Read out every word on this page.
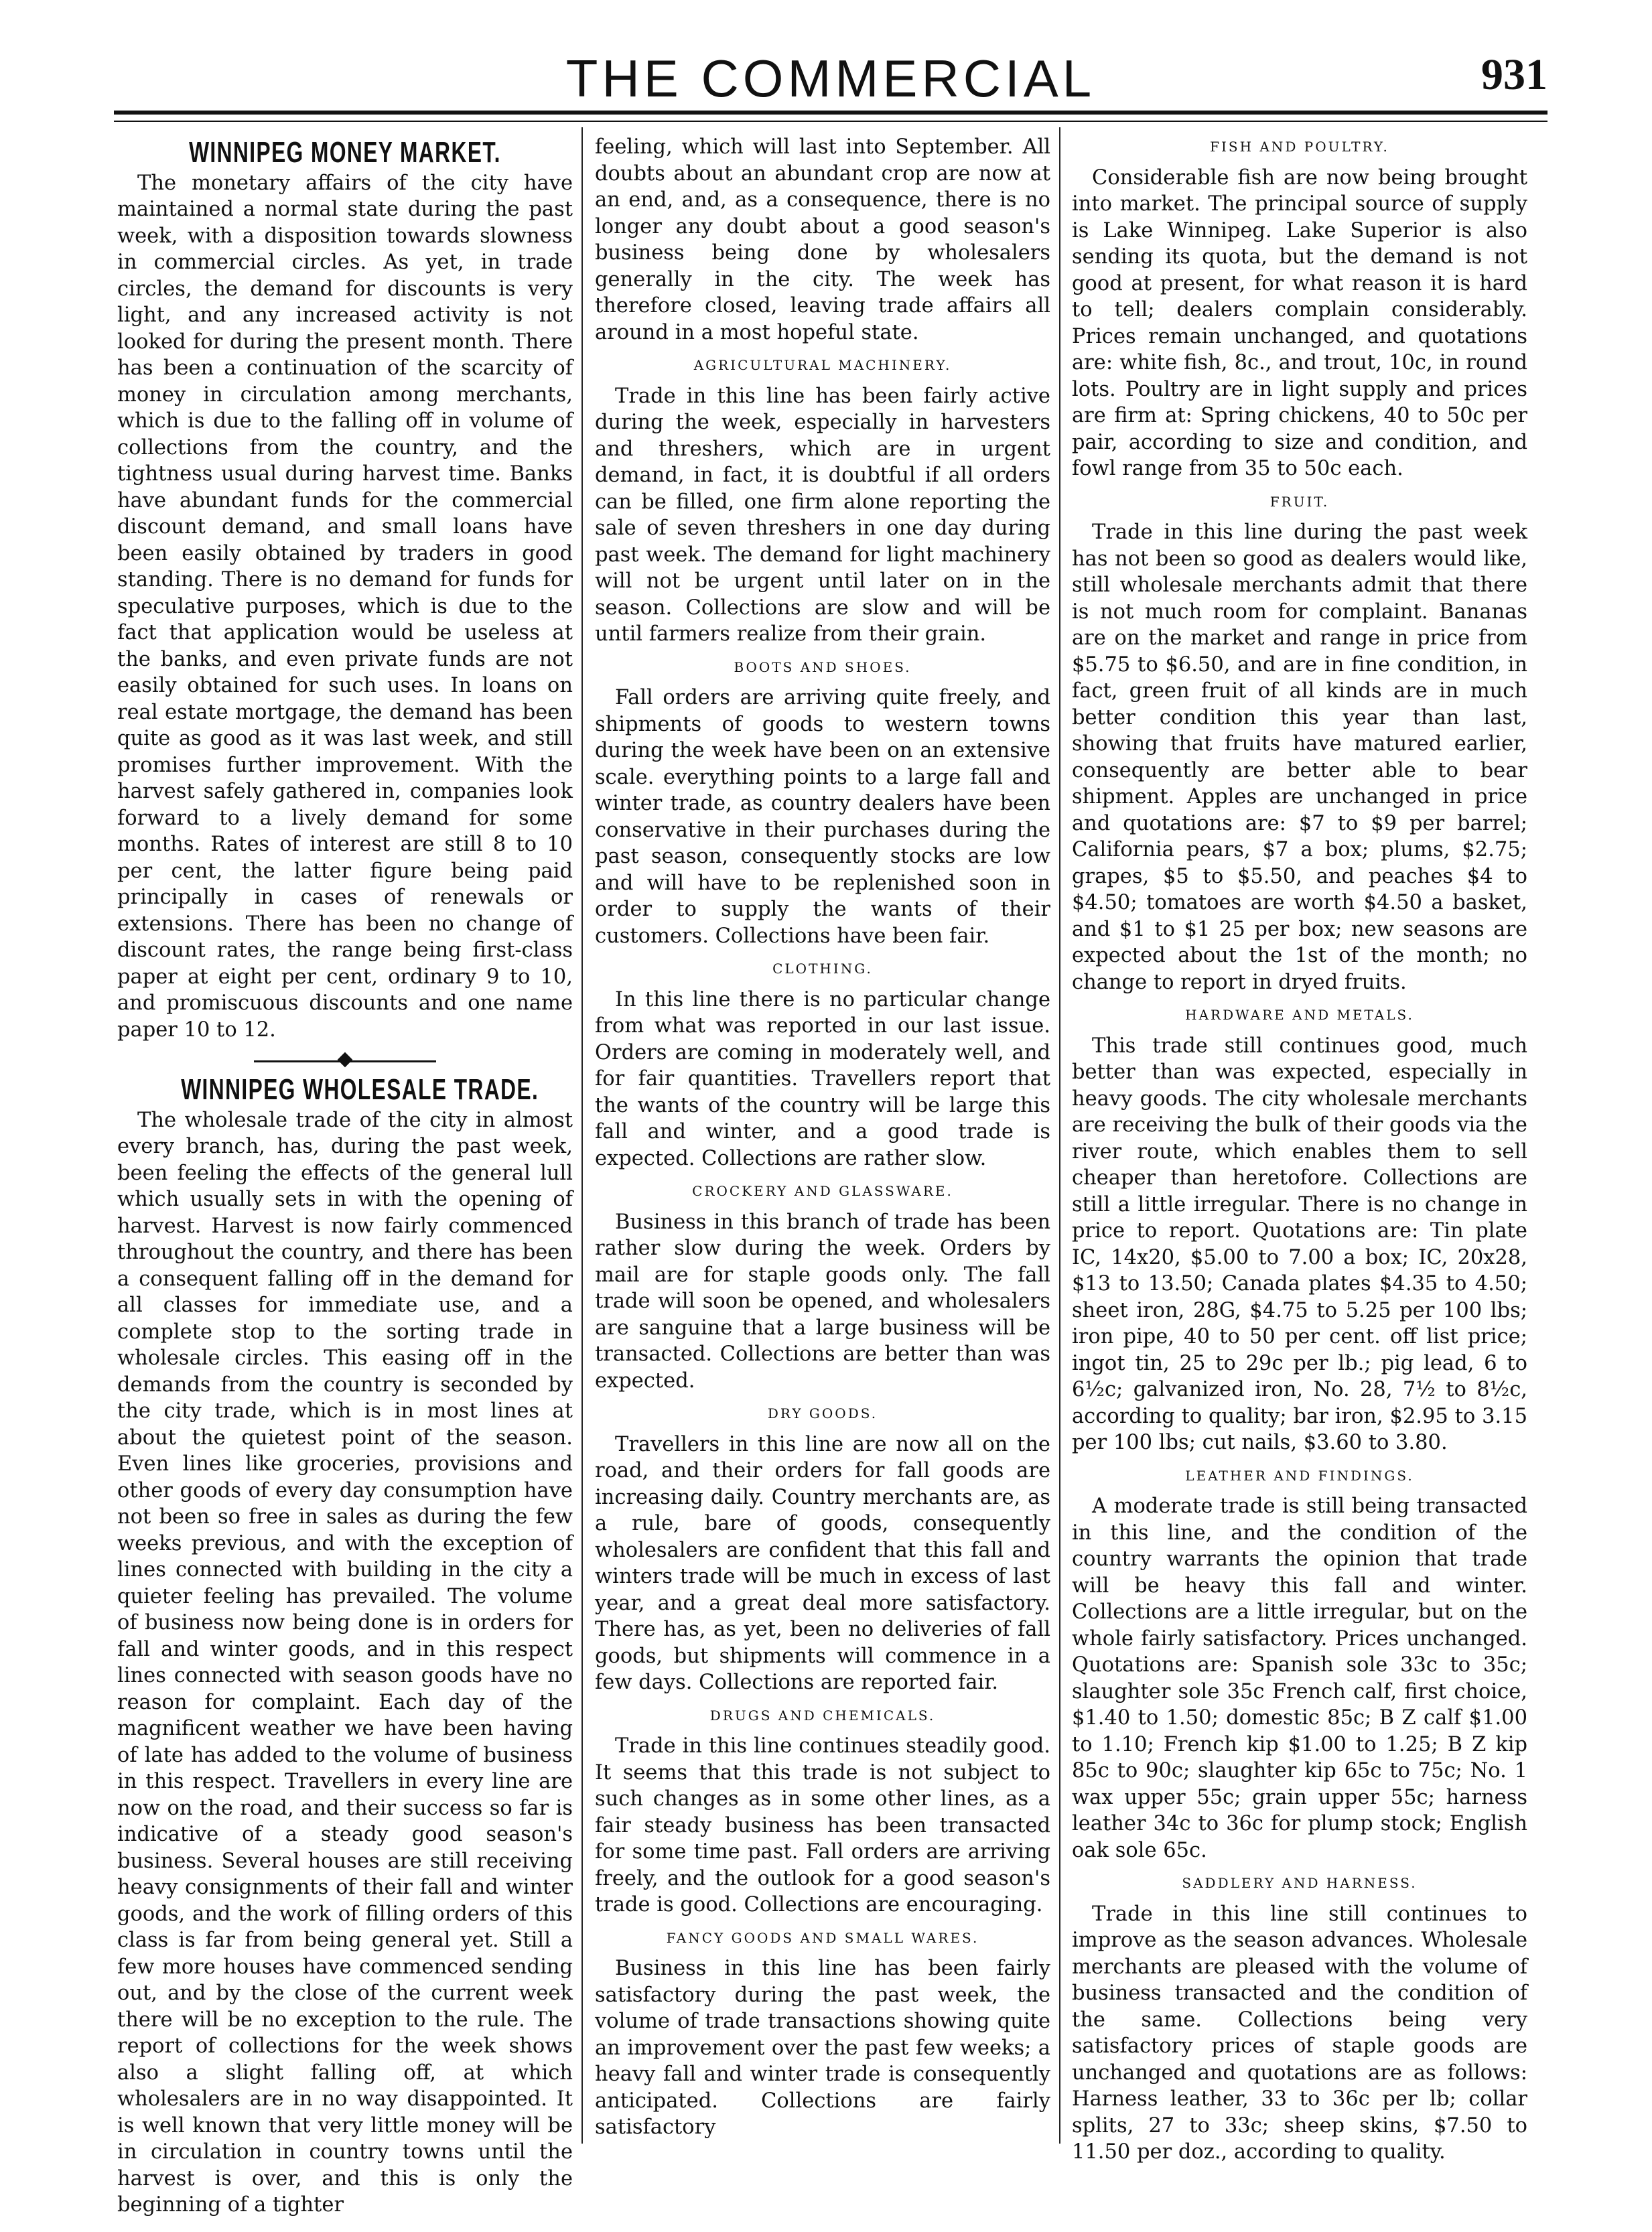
THE COMMERCIAL	931
WINNIPEG MONEY MARKET.

The monetary affairs of the city have maintained a normal state during the past week, with a disposition towards slowness in commercial circles. As yet, in trade circles, the demand for discounts is very light, and any increased activity is not looked for during the present month. There has been a continuation of the scarcity of money in circulation among merchants, which is due to the falling off in volume of collections from the country, and the tightness usual during harvest time. Banks have abundant funds for the commercial discount demand, and small loans have been easily obtained by traders in good standing. There is no demand for funds for speculative purposes, which is due to the fact that application would be useless at the banks, and even private funds are not easily obtained for such uses. In loans on real estate mortgage, the demand has been quite as good as it was last week, and still promises further improvement. With the harvest safely gathered in, companies look forward to a lively demand for some months. Rates of interest are still 8 to 10 per cent, the latter figure being paid principally in cases of renewals or extensions. There has been no change of discount rates, the range being first-class paper at eight per cent, ordinary 9 to 10, and promiscuous discounts and one name paper 10 to 12.

WINNIPEG WHOLESALE TRADE.

The wholesale trade of the city in almost every branch, has, during the past week, been feeling the effects of the general lull which usually sets in with the opening of harvest. Harvest is now fairly commenced throughout the country, and there has been a consequent falling off in the demand for all classes for immediate use, and a complete stop to the sorting trade in wholesale circles. This easing off in the demands from the country is seconded by the city trade, which is in most lines at about the quietest point of the season. Even lines like groceries, provisions and other goods of every day consumption have not been so free in sales as during the few weeks previous, and with the exception of lines connected with building in the city a quieter feeling has prevailed. The volume of business now being done is in orders for fall and winter goods, and in this respect lines connected with season goods have no reason for complaint. Each day of the magnificent weather we have been having of late has added to the volume of business in this respect. Travellers in every line are now on the road, and their success so far is indicative of a steady good season's business. Several houses are still receiving heavy consignments of their fall and winter goods, and the work of filling orders of this class is far from being general yet. Still a few more houses have commenced sending out, and by the close of the current week there will be no exception to the rule. The report of collections for the week shows also a slight falling off, at which wholesalers are in no way disappointed. It is well known that very little money will be in circulation in country towns until the harvest is over, and this is only the beginning of a tighter

feeling, which will last into September. All doubts about an abundant crop are now at an end, and, as a consequence, there is no longer any doubt about a good season's business being done by wholesalers generally in the city. The week has therefore closed, leaving trade affairs all around in a most hopeful state.

AGRICULTURAL MACHINERY.

Trade in this line has been fairly active during the week, especially in harvesters and threshers, which are in urgent demand, in fact, it is doubtful if all orders can be filled, one firm alone reporting the sale of seven threshers in one day during past week. The demand for light machinery will not be urgent until later on in the season. Collections are slow and will be until farmers realize from their grain.

BOOTS AND SHOES.

Fall orders are arriving quite freely, and shipments of goods to western towns during the week have been on an extensive scale. everything points to a large fall and winter trade, as country dealers have been conservative in their purchases during the past season, consequently stocks are low and will have to be replenished soon in order to supply the wants of their customers. Collections have been fair.

CLOTHING.

In this line there is no particular change from what was reported in our last issue. Orders are coming in moderately well, and for fair quantities. Travellers report that the wants of the country will be large this fall and winter, and a good trade is expected. Collections are rather slow.

CROCKERY AND GLASSWARE.

Business in this branch of trade has been rather slow during the week. Orders by mail are for staple goods only. The fall trade will soon be opened, and wholesalers are sanguine that a large business will be transacted. Collections are better than was expected.

DRY GOODS.

Travellers in this line are now all on the road, and their orders for fall goods are increasing daily. Country merchants are, as a rule, bare of goods, consequently wholesalers are confident that this fall and winters trade will be much in excess of last year, and a great deal more satisfactory. There has, as yet, been no deliveries of fall goods, but shipments will commence in a few days. Collections are reported fair.

DRUGS AND CHEMICALS.

Trade in this line continues steadily good. It seems that this trade is not subject to such changes as in some other lines, as a fair steady business has been transacted for some time past. Fall orders are arriving freely, and the outlook for a good season's trade is good. Collections are encouraging.

FANCY GOODS AND SMALL WARES.

Business in this line has been fairly satisfactory during the past week, the volume of trade transactions showing quite an improvement over the past few weeks; a heavy fall and winter trade is consequently anticipated. Collections are fairly satisfactory

FISH AND POULTRY.

Considerable fish are now being brought into market. The principal source of supply is Lake Winnipeg. Lake Superior is also sending its quota, but the demand is not good at present, for what reason it is hard to tell; dealers complain considerably. Prices remain unchanged, and quotations are: white fish, 8c., and trout, 10c, in round lots. Poultry are in light supply and prices are firm at: Spring chickens, 40 to 50c per pair, according to size and condition, and fowl range from 35 to 50c each.

FRUIT.

Trade in this line during the past week has not been so good as dealers would like, still wholesale merchants admit that there is not much room for complaint. Bananas are on the market and range in price from $5.75 to $6.50, and are in fine condition, in fact, green fruit of all kinds are in much better condition this year than last, showing that fruits have matured earlier, consequently are better able to bear shipment. Apples are unchanged in price and quotations are: $7 to $9 per barrel; California pears, $7 a box; plums, $2.75; grapes, $5 to $5.50, and peaches $4 to $4.50; tomatoes are worth $4.50 a basket, and $1 to $1 25 per box; new seasons are expected about the 1st of the month; no change to report in dryed fruits.

HARDWARE AND METALS.

This trade still continues good, much better than was expected, especially in heavy goods. The city wholesale merchants are receiving the bulk of their goods via the river route, which enables them to sell cheaper than heretofore. Collections are still a little irregular. There is no change in price to report. Quotations are: Tin plate IC, 14x20, $5.00 to 7.00 a box; IC, 20x28, $13 to 13.50; Canada plates $4.35 to 4.50; sheet iron, 28G, $4.75 to 5.25 per 100 lbs; iron pipe, 40 to 50 per cent. off list price; ingot tin, 25 to 29c per lb.; pig lead, 6 to 6½c; galvanized iron, No. 28, 7½ to 8½c, according to quality; bar iron, $2.95 to 3.15 per 100 lbs; cut nails, $3.60 to 3.80.

LEATHER AND FINDINGS.

A moderate trade is still being transacted in this line, and the condition of the country warrants the opinion that trade will be heavy this fall and winter. Collections are a little irregular, but on the whole fairly satisfactory. Prices unchanged. Quotations are: Spanish sole 33c to 35c; slaughter sole 35c French calf, first choice, $1.40 to 1.50; domestic 85c; B Z calf $1.00 to 1.10; French kip $1.00 to 1.25; B Z kip 85c to 90c; slaughter kip 65c to 75c; No. 1 wax upper 55c; grain upper 55c; harness leather 34c to 36c for plump stock; English oak sole 65c.

SADDLERY AND HARNESS.

Trade in this line still continues to improve as the season advances. Wholesale merchants are pleased with the volume of business transacted and the condition of the same. Collections being very satisfactory prices of staple goods are unchanged and quotations are as follows: Harness leather, 33 to 36c per lb; collar splits, 27 to 33c; sheep skins, $7.50 to 11.50 per doz., according to quality.
